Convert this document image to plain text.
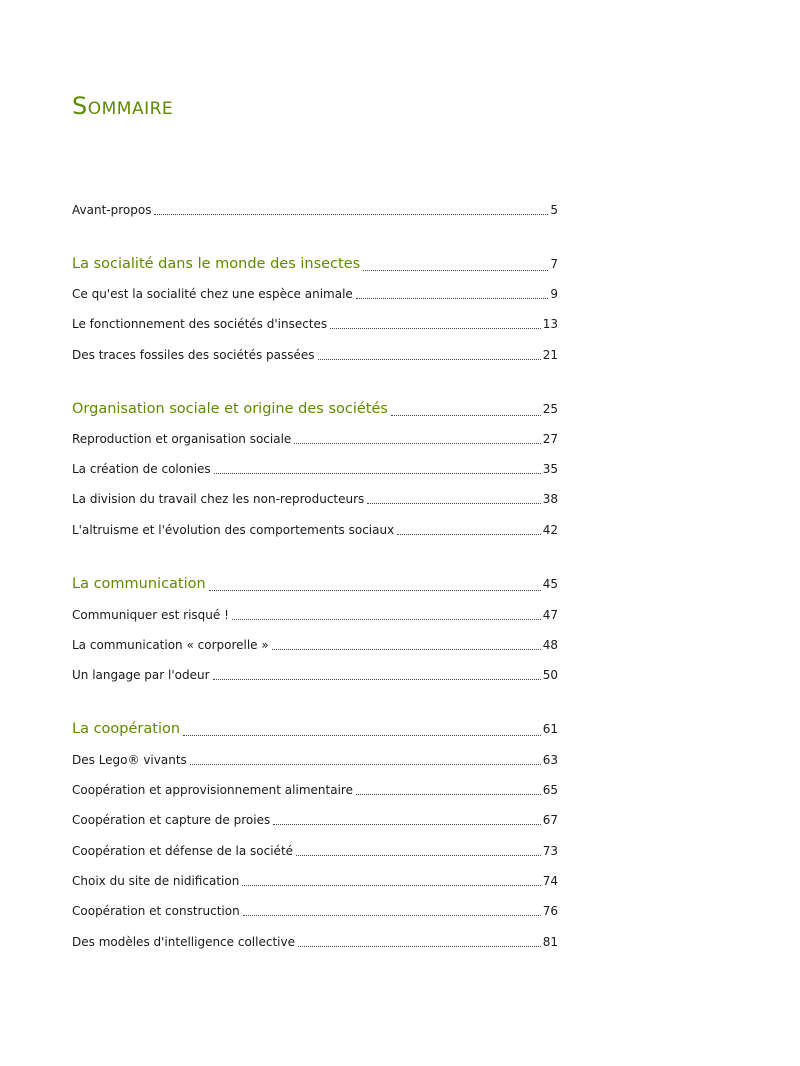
Sommaire
Avant-propos	5
La socialité dans le monde des insectes	7
Ce qu'est la socialité chez une espèce animale	9
Le fonctionnement des sociétés d'insectes	13
Des traces fossiles des sociétés passées	21
Organisation sociale et origine des sociétés	25
Reproduction et organisation sociale	27
La création de colonies	35
La division du travail chez les non-reproducteurs	38
L'altruisme et l'évolution des comportements sociaux	42
La communication	45
Communiquer est risqué !	47
La communication « corporelle »	48
Un langage par l'odeur	50
La coopération	61
Des Lego® vivants	63
Coopération et approvisionnement alimentaire	65
Coopération et capture de proies	67
Coopération et défense de la société	73
Choix du site de nidification	74
Coopération et construction	76
Des modèles d'intelligence collective	81
